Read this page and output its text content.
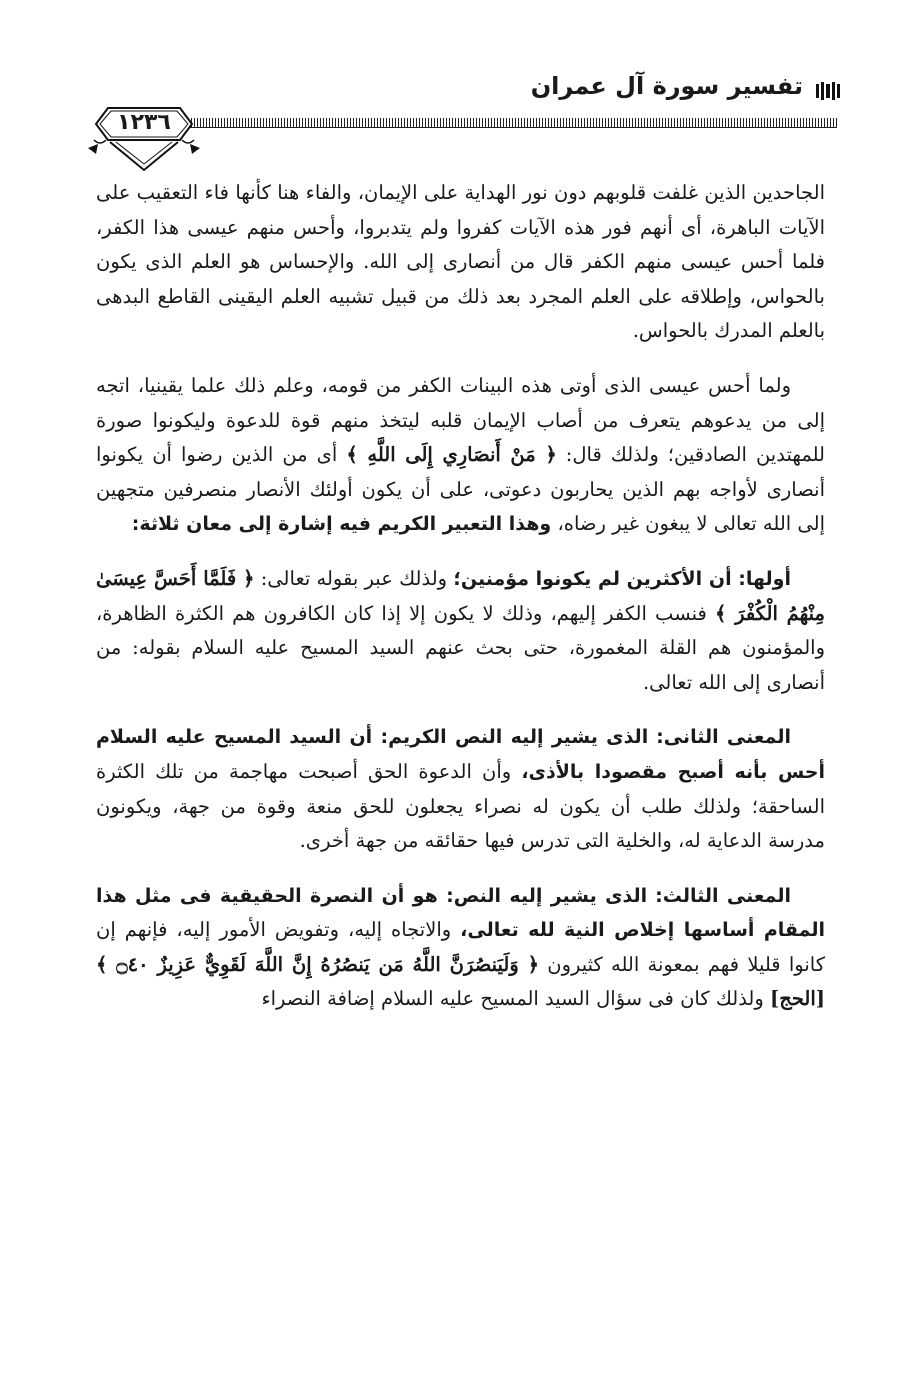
تفسير سورة آل عمران
١٢٣٦

الجاحدين الذين غلفت قلوبهم دون نور الهداية على الإيمان، والفاء هنا كأنها فاء التعقيب على الآيات الباهرة، أى أنهم فور هذه الآيات كفروا ولم يتدبروا، وأحس منهم عيسى هذا الكفر، فلما أحس عيسى منهم الكفر قال من أنصارى إلى الله. والإحساس هو العلم الذى يكون بالحواس، وإطلاقه على العلم المجرد بعد ذلك من قبيل تشبيه العلم اليقينى القاطع البدهى بالعلم المدرك بالحواس.

ولما أحس عيسى الذى أوتى هذه البينات الكفر من قومه، وعلم ذلك علما يقينيا، اتجه إلى من يدعوهم يتعرف من أصاب الإيمان قلبه ليتخذ منهم قوة للدعوة وليكونوا صورة للمهتدين الصادقين؛ ولذلك قال: ﴿ مَنْ أَنصَارِي إِلَى اللَّهِ ﴾ أى من الذين رضوا أن يكونوا أنصارى لأواجه بهم الذين يحاربون دعوتى، على أن يكون أولئك الأنصار منصرفين متجهين إلى الله تعالى لا يبغون غير رضاه، وهذا التعبير الكريم فيه إشارة إلى معان ثلاثة:

أولها: أن الأكثرين لم يكونوا مؤمنين؛ ولذلك عبر بقوله تعالى: ﴿ فَلَمَّا أَحَسَّ عِيسَىٰ مِنْهُمُ الْكُفْرَ ﴾ فنسب الكفر إليهم، وذلك لا يكون إلا إذا كان الكافرون هم الكثرة الظاهرة، والمؤمنون هم القلة المغمورة، حتى بحث عنهم السيد المسيح عليه السلام بقوله: من أنصارى إلى الله تعالى.

المعنى الثانى: الذى يشير إليه النص الكريم: أن السيد المسيح عليه السلام أحس بأنه أصبح مقصودا بالأذى، وأن الدعوة الحق أصبحت مهاجمة من تلك الكثرة الساحقة؛ ولذلك طلب أن يكون له نصراء يجعلون للحق منعة وقوة من جهة، ويكونون مدرسة الدعاية له، والخلية التى تدرس فيها حقائقه من جهة أخرى.

المعنى الثالث: الذى يشير إليه النص: هو أن النصرة الحقيقية فى مثل هذا المقام أساسها إخلاص النية لله تعالى، والاتجاه إليه، وتفويض الأمور إليه، فإنهم إن كانوا قليلا فهم بمعونة الله كثيرون ﴿ وَلَيَنصُرَنَّ اللَّهُ مَن يَنصُرُهُ إِنَّ اللَّهَ لَقَوِيٌّ عَزِيزٌ ۝٤٠ ﴾ [الحج] ولذلك كان فى سؤال السيد المسيح عليه السلام إضافة النصراء
